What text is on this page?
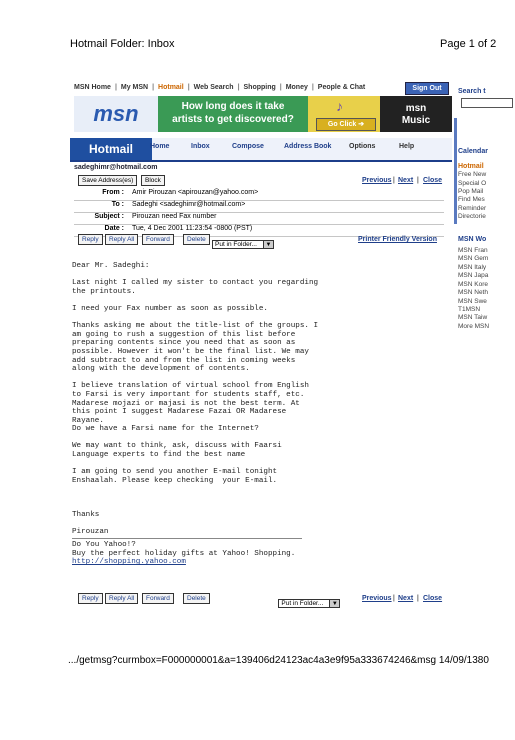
Hotmail Folder: Inbox	Page 1 of 2
MSN Home | My MSN | Hotmail | Web Search | Shopping | Money | People & Chat	Sign Out
msn	How long does it take
artists to get discovered?
♪
Go Click ➔
msn
Music
Hotmail	Home	Inbox	Compose	Address Book	Options	Help
sadeghimr@hotmail.com
Save Address(es)	Block	Previous | Next | Close
From : Amir Pirouzan <apirouzan@yahoo.com>
To : Sadeghi <sadeghimr@hotmail.com>
Subject : Pirouzan need Fax number
Date : Tue, 4 Dec 2001 11:23:54 -0800 (PST)
Reply	Reply All	Forward	Delete
$_{Put in Folder... ▼}$

Printer Friendly Version
Dear Mr. Sadeghi:

Last night I called my sister to contact you regarding
the printouts.

I need your Fax number as soon as possible.

Thanks asking me about the title-list of the groups. I
am going to rush a suggestion of this list before
preparing contents since you need that as soon as
possible. However it won't be the final list. We may
add subtract to and from the list in coming weeks
along with the development of contents.

I believe translation of virtual school from English
to Farsi is very important for students staff, etc.
Madarese mojazi or majasi is not the best term. At
this point I suggest Madarese Fazai OR Madarese
Rayane.
Do we have a Farsi name for the Internet?

We may want to think, ask, discuss with Faarsi
Language experts to find the best name

I am going to send you another E-mail tonight
Enshaalah. Please keep checking  your E-mail.

Thanks

Pirouzan
Do You Yahoo!?
Buy the perfect holiday gifts at Yahoo! Shopping.
http://shopping.yahoo.com
Reply	Reply All	Forward	Delete
$_{Put in Folder... ▼}$
Previous | Next | Close
Search t
Calendar
Hotmail
Free New
Special O
Pop Mail
Find Mes
Reminder
Directorie
MSN Wo
MSN Fran
MSN Gem
MSN Italy
MSN Japa
MSN Kore
MSN Neth
MSN Swe
T1MSN
MSN Taiw
More MSN
.../getmsg?curmbox=F000000001&a=139406d24123ac4a3e9f95a333674246&msg 14/09/1380
